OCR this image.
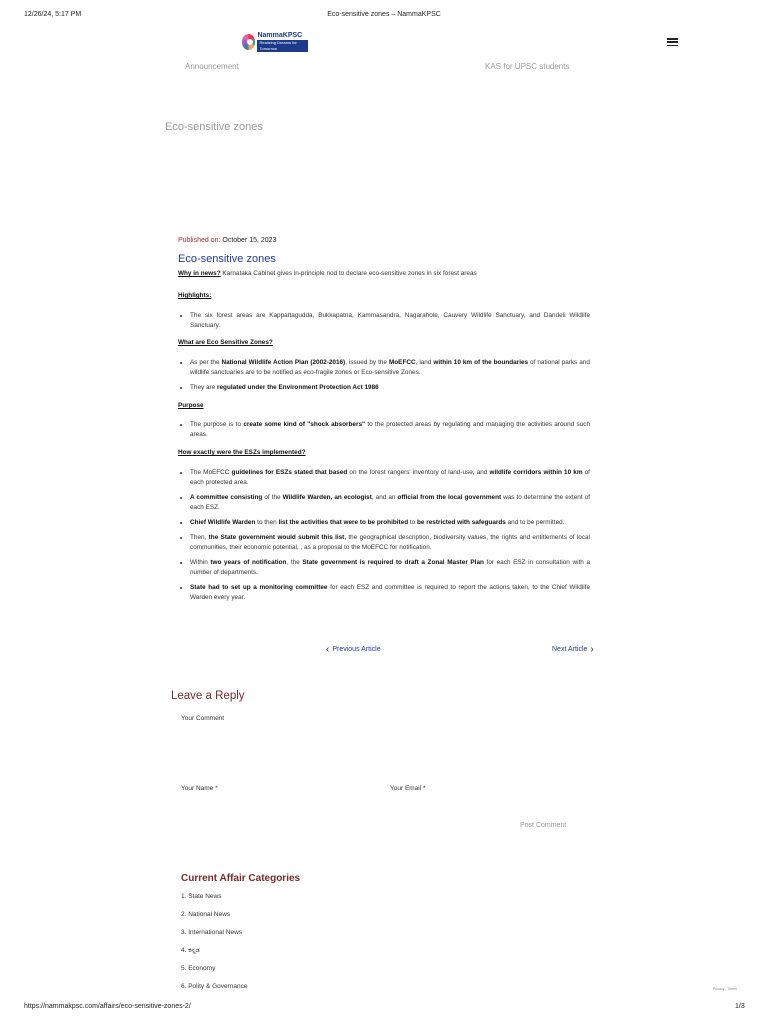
12/26/24, 5:17 PM	Eco-sensitive zones – NammaKPSC
NammaKPSC
Realizing Dreams for Tomorrow
Announcement	KAS for UPSC students
Eco-sensitive zones
Published on: October 15, 2023
Eco-sensitive zones
Why in news? Karnataka Cabinet gives in-principle nod to declare eco-sensitive zones in six forest areas
Highlights:
• The six forest areas are Kappattagudda, Bukkapatna, Kammasandra, Nagarahole, Cauvery Wildlife Sanctuary, and Dandeli Wildlife Sanctuary.
What are Eco Sensitive Zones?
• As per the National Wildlife Action Plan (2002-2016), issued by the MoEFCC, land within 10 km of the boundaries of national parks and wildlife sanctuaries are to be notified as eco-fragile zones or Eco-sensitive Zones.
• They are regulated under the Environment Protection Act 1986
Purpose
• The purpose is to create some kind of "shock absorbers" to the protected areas by regulating and managing the activities around such areas.
How exactly were the ESZs implemented?
• The MoEFCC guidelines for ESZs stated that based on the forest rangers' inventory of land-use, and wildlife corridors within 10 km of each protected area.
• A committee consisting of the Wildlife Warden, an ecologist, and an official from the local government was to determine the extent of each ESZ.
• Chief Wildlife Warden to then list the activities that were to be prohibited to be restricted with safeguards and to be permitted.
• Then, the State government would submit this list, the geographical description, biodiversity values, the rights and entitlements of local communities, their economic potential, , as a proposal to the MoEFCC for notification.
• Within two years of notification, the State government is required to draft a Zonal Master Plan for each ESZ in consultation with a number of departments.
• State had to set up a monitoring committee for each ESZ and committee is required to report the actions taken, to the Chief Wildlife Warden every year.
‹ Previous Article	Next Article ›
Leave a Reply
Your Comment
Your Name *	Your Email *
Post Comment
Current Affair Categories
1. State News
2. National News
3. International News
4. ಕನ್ನಡ
5. Economy
6. Polity & Governance	Privacy - Terms
https://nammakpsc.com/affairs/eco-sensitive-zones-2/	1/3
